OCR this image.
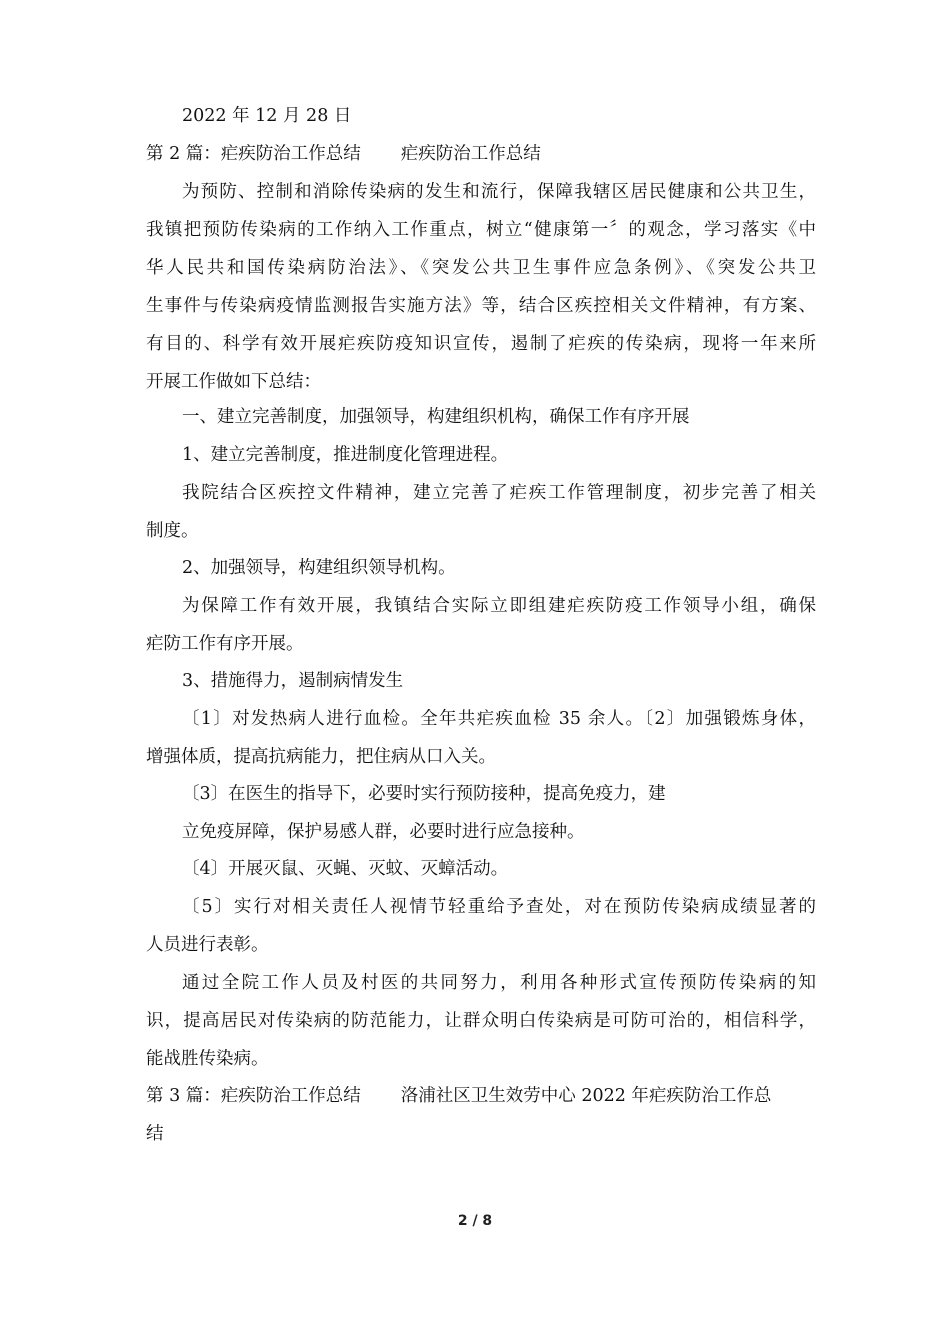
2022 年 12 月 28 日
第 2 篇：疟疾防治工作总结 疟疾防治工作总结
为预防、控制和消除传染病的发生和流行，保障我辖区居民健康和公共卫生，
我镇把预防传染病的工作纳入工作重点，树立“健康第一〞的观念，学习落实《中
华人民共和国传染病防治法》、《突发公共卫生事件应急条例》、《突发公共卫
生事件与传染病疫情监测报告实施方法》等，结合区疾控相关文件精神，有方案、
有目的、科学有效开展疟疾防疫知识宣传，遏制了疟疾的传染病，现将一年来所
开展工作做如下总结：
一、建立完善制度，加强领导，构建组织机构，确保工作有序开展
1、建立完善制度，推进制度化管理进程。
我院结合区疾控文件精神，建立完善了疟疾工作管理制度，初步完善了相关
制度。
2、加强领导，构建组织领导机构。
为保障工作有效开展，我镇结合实际立即组建疟疾防疫工作领导小组，确保
疟防工作有序开展。
3、措施得力，遏制病情发生
〔1〕对发热病人进行血检。全年共疟疾血检 35 余人。〔2〕加强锻炼身体，
增强体质，提高抗病能力，把住病从口入关。
〔3〕在医生的指导下，必要时实行预防接种，提高免疫力，建
立免疫屏障，保护易感人群，必要时进行应急接种。
〔4〕开展灭鼠、灭蝇、灭蚊、灭蟑活动。
〔5〕实行对相关责任人视情节轻重给予查处，对在预防传染病成绩显著的
人员进行表彰。
通过全院工作人员及村医的共同努力，利用各种形式宣传预防传染病的知
识，提高居民对传染病的防范能力，让群众明白传染病是可防可治的，相信科学，
能战胜传染病。
第 3 篇：疟疾防治工作总结 洛浦社区卫生效劳中心 2022 年疟疾防治工作总
结
2 / 8
